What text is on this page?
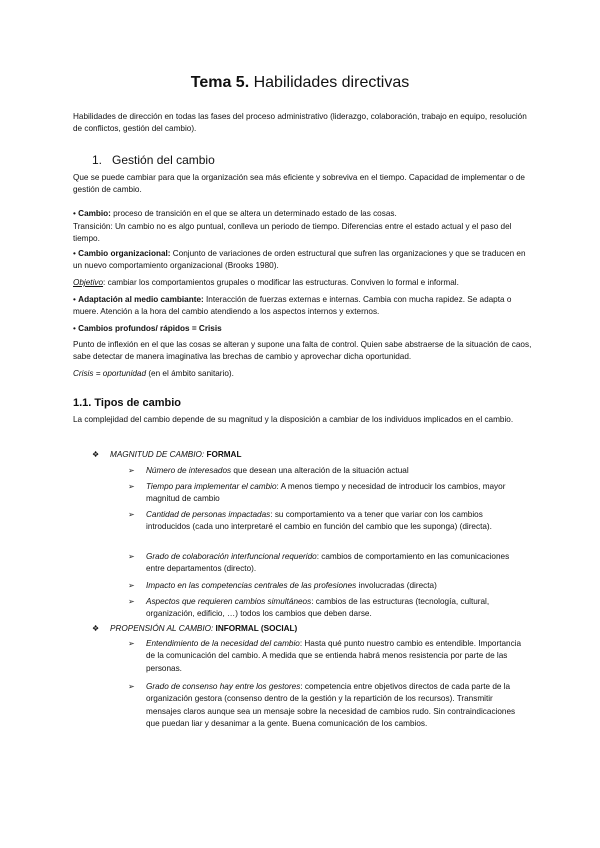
Tema 5. Habilidades directivas
Habilidades de dirección en todas las fases del proceso administrativo (liderazgo, colaboración, trabajo en equipo, resolución de conflictos, gestión del cambio).
1. Gestión del cambio
Que se puede cambiar para que la organización sea más eficiente y sobreviva en el tiempo. Capacidad de implementar o de gestión de cambio.
• Cambio: proceso de transición en el que se altera un determinado estado de las cosas.
Transición: Un cambio no es algo puntual, conlleva un periodo de tiempo. Diferencias entre el estado actual y el paso del tiempo.
• Cambio organizacional: Conjunto de variaciones de orden estructural que sufren las organizaciones y que se traducen en un nuevo comportamiento organizacional (Brooks 1980).
Objetivo: cambiar los comportamientos grupales o modificar las estructuras. Conviven lo formal e informal.
• Adaptación al medio cambiante: Interacción de fuerzas externas e internas. Cambia con mucha rapidez. Se adapta o muere. Atención a la hora del cambio atendiendo a los aspectos internos y externos.
• Cambios profundos/ rápidos = Crisis
Punto de inflexión en el que las cosas se alteran y supone una falta de control. Quien sabe abstraerse de la situación de caos, sabe detectar de manera imaginativa las brechas de cambio y aprovechar dicha oportunidad.
Crisis = oportunidad (en el ámbito sanitario).
1.1. Tipos de cambio
La complejidad del cambio depende de su magnitud y la disposición a cambiar de los individuos implicados en el cambio.
❖	MAGNITUD DE CAMBIO: FORMAL
➢ Número de interesados que desean una alteración de la situación actual
➢ Tiempo para implementar el cambio: A menos tiempo y necesidad de introducir los cambios, mayor magnitud de cambio
➢ Cantidad de personas impactadas: su comportamiento va a tener que variar con los cambios introducidos (cada uno interpretaré el cambio en función del cambio que les suponga) (directa).
➢ Grado de colaboración interfuncional requerido: cambios de comportamiento en las comunicaciones entre departamentos (directo).
➢ Impacto en las competencias centrales de las profesiones involucradas (directa)
➢ Aspectos que requieren cambios simultáneos: cambios de las estructuras (tecnología, cultural, organización, edificio, …) todos los cambios que deben darse.
❖	PROPENSIÓN AL CAMBIO: INFORMAL (SOCIAL)
➢ Entendimiento de la necesidad del cambio: Hasta qué punto nuestro cambio es entendible. Importancia de la comunicación del cambio. A medida que se entienda habrá menos resistencia por parte de las personas.
➢ Grado de consenso hay entre los gestores: competencia entre objetivos directos de cada parte de la organización gestora (consenso dentro de la gestión y la repartición de los recursos). Transmitir mensajes claros aunque sea un mensaje sobre la necesidad de cambios rudo. Sin contraindicaciones que puedan liar y desanimar a la gente. Buena comunicación de los cambios.
